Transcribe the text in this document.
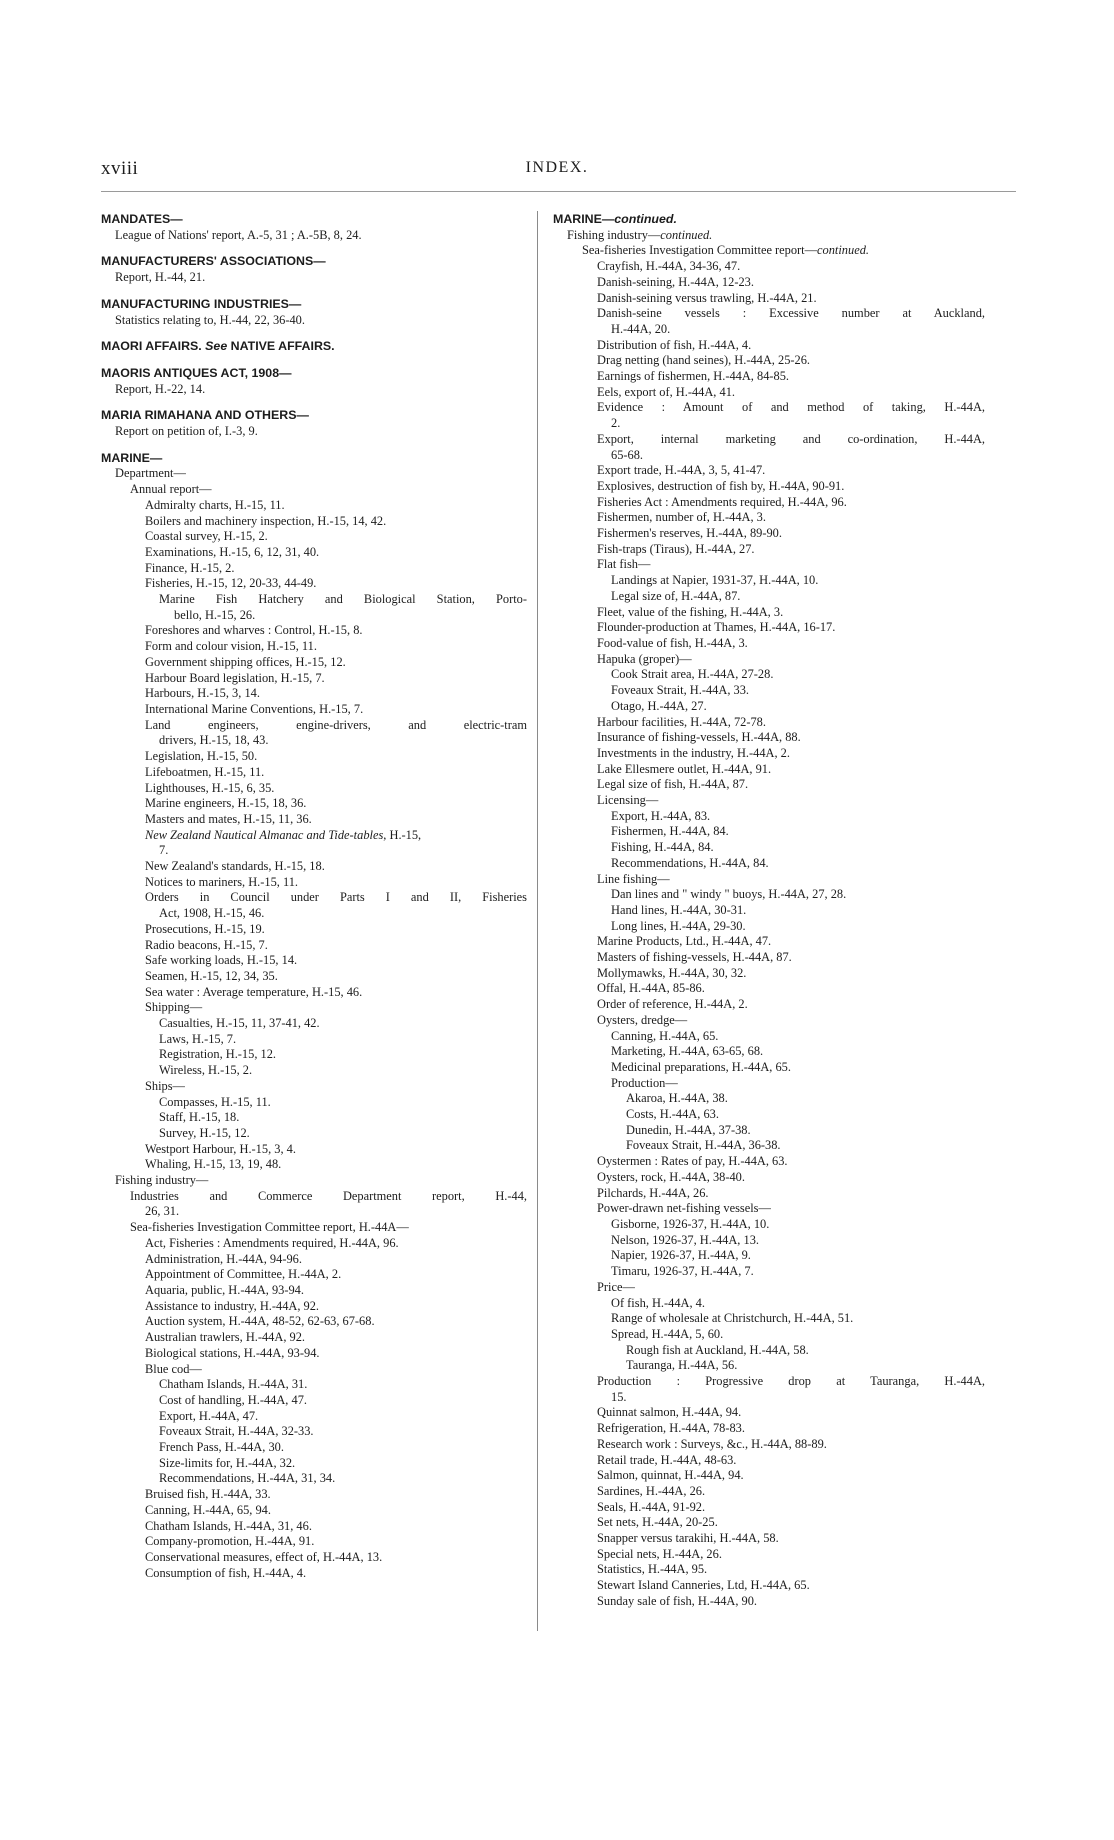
xviii	INDEX.
MANDATES—
League of Nations' report, A.-5, 31 ; A.-5B, 8, 24.
MANUFACTURERS' ASSOCIATIONS—
Report, H.-44, 21.
MANUFACTURING INDUSTRIES—
Statistics relating to, H.-44, 22, 36-40.
MAORI AFFAIRS. See NATIVE AFFAIRS.
MAORIS ANTIQUES ACT, 1908—
Report, H.-22, 14.
MARIA RIMAHANA AND OTHERS—
Report on petition of, I.-3, 9.
MARINE—
Department—
Annual report—
Admiralty charts, H.-15, 11.
Boilers and machinery inspection, H.-15, 14, 42.
Coastal survey, H.-15, 2.
Examinations, H.-15, 6, 12, 31, 40.
Finance, H.-15, 2.
Fisheries, H.-15, 12, 20-33, 44-49.
Marine Fish Hatchery and Biological Station, Porto-
bello, H.-15, 26.
Foreshores and wharves : Control, H.-15, 8.
Form and colour vision, H.-15, 11.
Government shipping offices, H.-15, 12.
Harbour Board legislation, H.-15, 7.
Harbours, H.-15, 3, 14.
International Marine Conventions, H.-15, 7.
Land engineers, engine-drivers, and electric-tram
drivers, H.-15, 18, 43.
Legislation, H.-15, 50.
Lifeboatmen, H.-15, 11.
Lighthouses, H.-15, 6, 35.
Marine engineers, H.-15, 18, 36.
Masters and mates, H.-15, 11, 36.
New Zealand Nautical Almanac and Tide-tables, H.-15,
7.
New Zealand's standards, H.-15, 18.
Notices to mariners, H.-15, 11.
Orders in Council under Parts I and II, Fisheries
Act, 1908, H.-15, 46.
Prosecutions, H.-15, 19.
Radio beacons, H.-15, 7.
Safe working loads, H.-15, 14.
Seamen, H.-15, 12, 34, 35.
Sea water : Average temperature, H.-15, 46.
Shipping—
Casualties, H.-15, 11, 37-41, 42.
Laws, H.-15, 7.
Registration, H.-15, 12.
Wireless, H.-15, 2.
Ships—
Compasses, H.-15, 11.
Staff, H.-15, 18.
Survey, H.-15, 12.
Westport Harbour, H.-15, 3, 4.
Whaling, H.-15, 13, 19, 48.
Fishing industry—
Industries and Commerce Department report, H.-44,
26, 31.
Sea-fisheries Investigation Committee report, H.-44A—
Act, Fisheries : Amendments required, H.-44A, 96.
Administration, H.-44A, 94-96.
Appointment of Committee, H.-44A, 2.
Aquaria, public, H.-44A, 93-94.
Assistance to industry, H.-44A, 92.
Auction system, H.-44A, 48-52, 62-63, 67-68.
Australian trawlers, H.-44A, 92.
Biological stations, H.-44A, 93-94.
Blue cod—
Chatham Islands, H.-44A, 31.
Cost of handling, H.-44A, 47.
Export, H.-44A, 47.
Foveaux Strait, H.-44A, 32-33.
French Pass, H.-44A, 30.
Size-limits for, H.-44A, 32.
Recommendations, H.-44A, 31, 34.
Bruised fish, H.-44A, 33.
Canning, H.-44A, 65, 94.
Chatham Islands, H.-44A, 31, 46.
Company-promotion, H.-44A, 91.
Conservational measures, effect of, H.-44A, 13.
Consumption of fish, H.-44A, 4.
MARINE—continued.
Fishing industry—continued.
Sea-fisheries Investigation Committee report—continued.
Crayfish, H.-44A, 34-36, 47.
Danish-seining, H.-44A, 12-23.
Danish-seining versus trawling, H.-44A, 21.
Danish-seine vessels : Excessive number at Auckland,
H.-44A, 20.
Distribution of fish, H.-44A, 4.
Drag netting (hand seines), H.-44A, 25-26.
Earnings of fishermen, H.-44A, 84-85.
Eels, export of, H.-44A, 41.
Evidence : Amount of and method of taking, H.-44A,
2.
Export, internal marketing and co-ordination, H.-44A,
65-68.
Export trade, H.-44A, 3, 5, 41-47.
Explosives, destruction of fish by, H.-44A, 90-91.
Fisheries Act : Amendments required, H.-44A, 96.
Fishermen, number of, H.-44A, 3.
Fishermen's reserves, H.-44A, 89-90.
Fish-traps (Tiraus), H.-44A, 27.
Flat fish—
Landings at Napier, 1931-37, H.-44A, 10.
Legal size of, H.-44A, 87.
Fleet, value of the fishing, H.-44A, 3.
Flounder-production at Thames, H.-44A, 16-17.
Food-value of fish, H.-44A, 3.
Hapuka (groper)—
Cook Strait area, H.-44A, 27-28.
Foveaux Strait, H.-44A, 33.
Otago, H.-44A, 27.
Harbour facilities, H.-44A, 72-78.
Insurance of fishing-vessels, H.-44A, 88.
Investments in the industry, H.-44A, 2.
Lake Ellesmere outlet, H.-44A, 91.
Legal size of fish, H.-44A, 87.
Licensing—
Export, H.-44A, 83.
Fishermen, H.-44A, 84.
Fishing, H.-44A, 84.
Recommendations, H.-44A, 84.
Line fishing—
Dan lines and " windy " buoys, H.-44A, 27, 28.
Hand lines, H.-44A, 30-31.
Long lines, H.-44A, 29-30.
Marine Products, Ltd., H.-44A, 47.
Masters of fishing-vessels, H.-44A, 87.
Mollymawks, H.-44A, 30, 32.
Offal, H.-44A, 85-86.
Order of reference, H.-44A, 2.
Oysters, dredge—
Canning, H.-44A, 65.
Marketing, H.-44A, 63-65, 68.
Medicinal preparations, H.-44A, 65.
Production—
Akaroa, H.-44A, 38.
Costs, H.-44A, 63.
Dunedin, H.-44A, 37-38.
Foveaux Strait, H.-44A, 36-38.
Oystermen : Rates of pay, H.-44A, 63.
Oysters, rock, H.-44A, 38-40.
Pilchards, H.-44A, 26.
Power-drawn net-fishing vessels—
Gisborne, 1926-37, H.-44A, 10.
Nelson, 1926-37, H.-44A, 13.
Napier, 1926-37, H.-44A, 9.
Timaru, 1926-37, H.-44A, 7.
Price—
Of fish, H.-44A, 4.
Range of wholesale at Christchurch, H.-44A, 51.
Spread, H.-44A, 5, 60.
Rough fish at Auckland, H.-44A, 58.
Tauranga, H.-44A, 56.
Production : Progressive drop at Tauranga, H.-44A,
15.
Quinnat salmon, H.-44A, 94.
Refrigeration, H.-44A, 78-83.
Research work : Surveys, &c., H.-44A, 88-89.
Retail trade, H.-44A, 48-63.
Salmon, quinnat, H.-44A, 94.
Sardines, H.-44A, 26.
Seals, H.-44A, 91-92.
Set nets, H.-44A, 20-25.
Snapper versus tarakihi, H.-44A, 58.
Special nets, H.-44A, 26.
Statistics, H.-44A, 95.
Stewart Island Canneries, Ltd, H.-44A, 65.
Sunday sale of fish, H.-44A, 90.
